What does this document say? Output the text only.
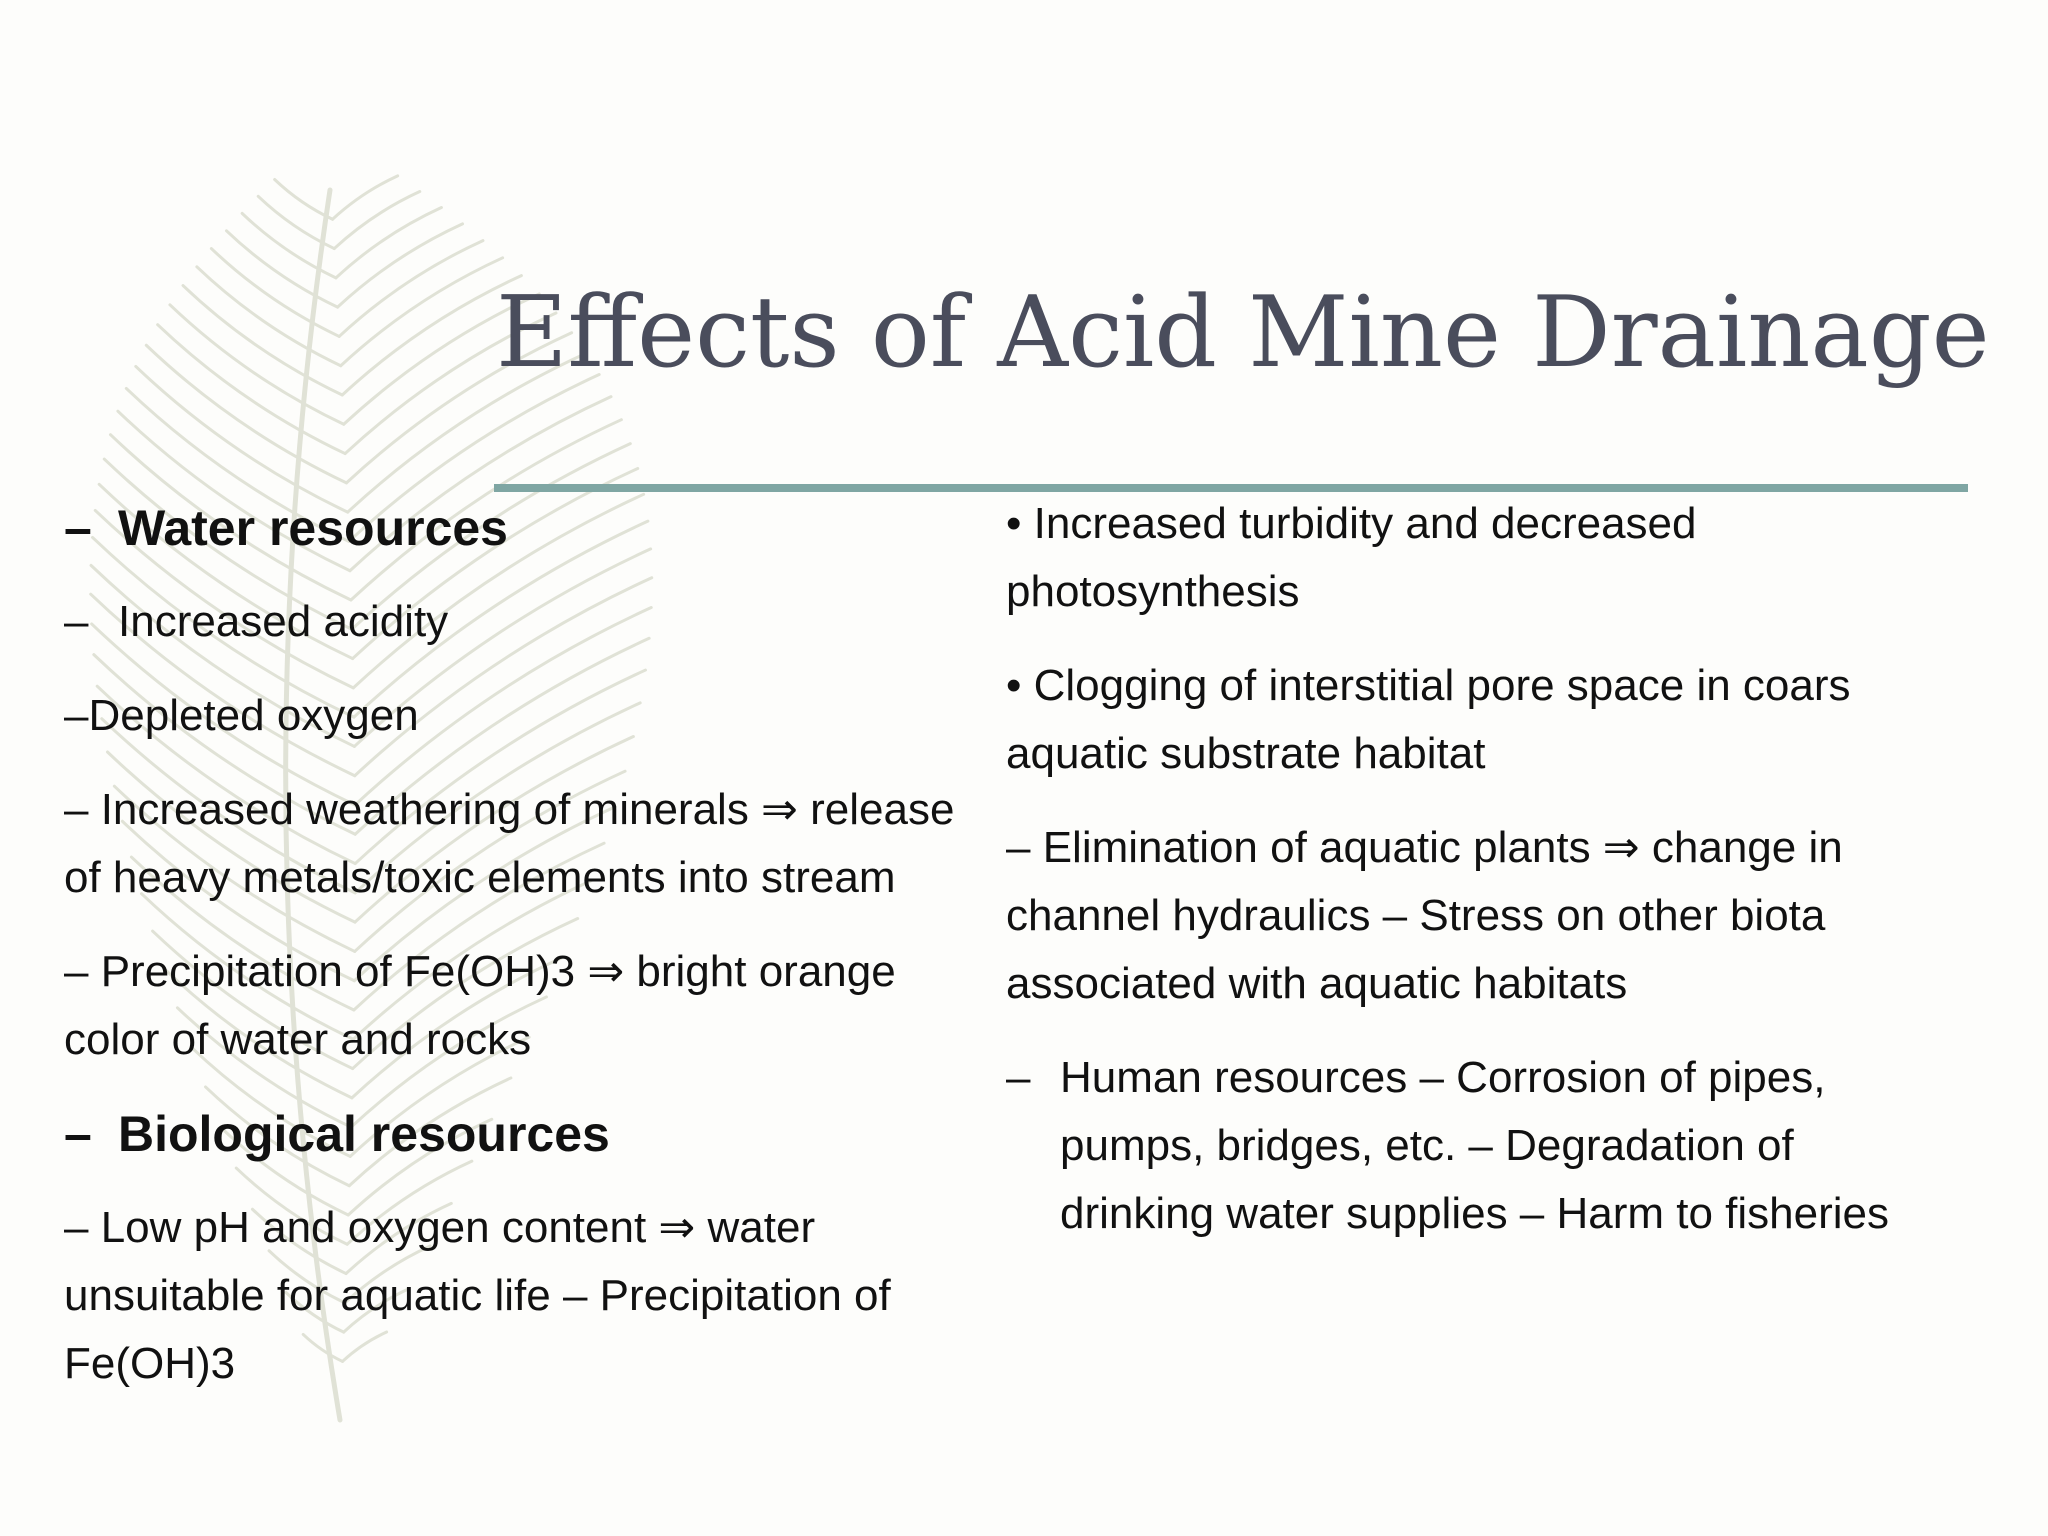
Effects of Acid Mine Drainage

– Water resources

– Increased acidity

–Depleted oxygen

– Increased weathering of minerals ⇒ release of heavy metals/toxic elements into stream

– Precipitation of Fe(OH)3 ⇒ bright orange color of water and rocks

– Biological resources

– Low pH and oxygen content ⇒ water unsuitable for aquatic life – Precipitation of Fe(OH)3

• Increased turbidity and decreased photosynthesis

• Clogging of interstitial pore space in coars aquatic substrate habitat

– Elimination of aquatic plants ⇒ change in channel hydraulics – Stress on other biota associated with aquatic habitats

– Human resources – Corrosion of pipes, pumps, bridges, etc. – Degradation of drinking water supplies – Harm to fisheries
